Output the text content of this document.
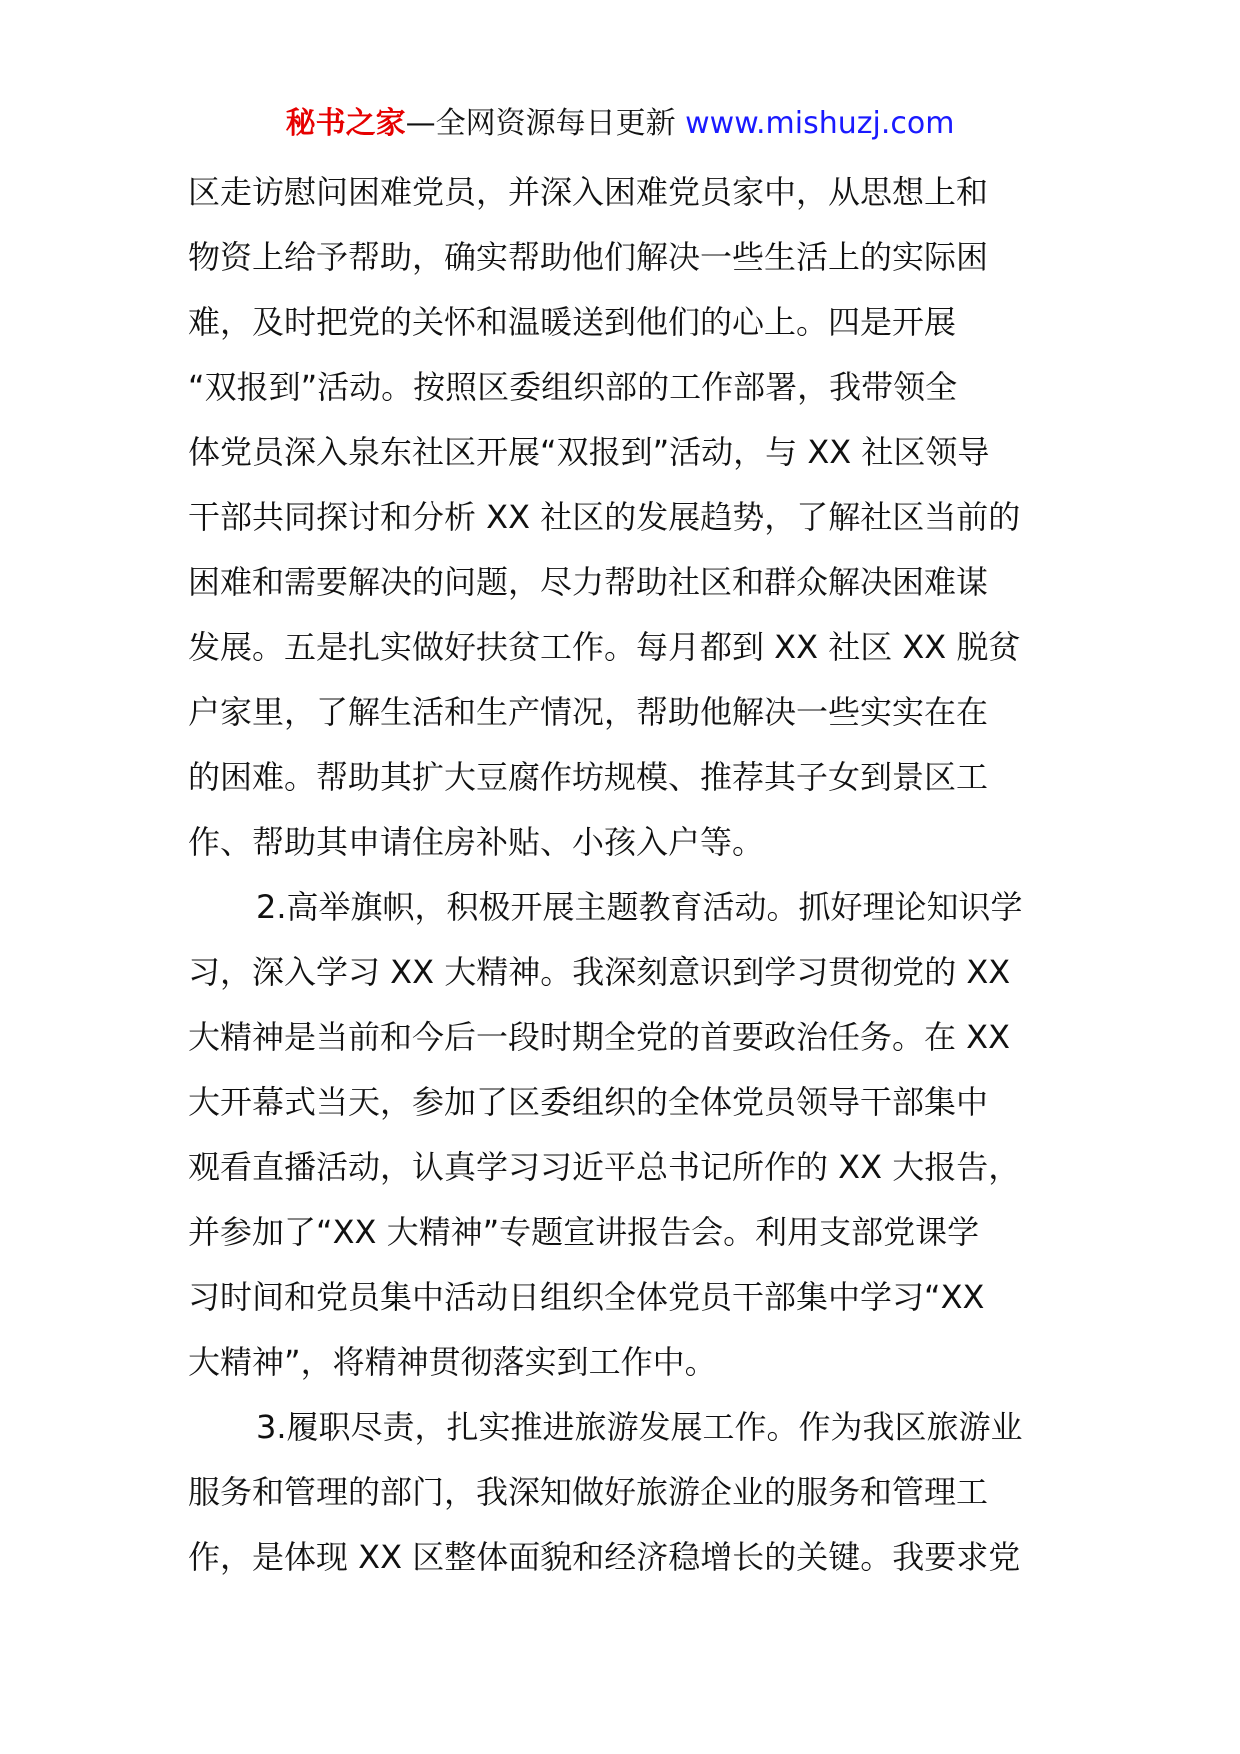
秘书之家—全网资源每日更新 www.mishuzj.com
区走访慰问困难党员，并深入困难党员家中，从思想上和
物资上给予帮助，确实帮助他们解决一些生活上的实际困
难，及时把党的关怀和温暖送到他们的心上。四是开展
“双报到”活动。按照区委组织部的工作部署，我带领全
体党员深入泉东社区开展“双报到”活动，与 XX 社区领导
干部共同探讨和分析 XX 社区的发展趋势，了解社区当前的
困难和需要解决的问题，尽力帮助社区和群众解决困难谋
发展。五是扎实做好扶贫工作。每月都到 XX 社区 XX 脱贫
户家里，了解生活和生产情况，帮助他解决一些实实在在
的困难。帮助其扩大豆腐作坊规模、推荐其子女到景区工
作、帮助其申请住房补贴、小孩入户等。
2.高举旗帜，积极开展主题教育活动。抓好理论知识学
习，深入学习 XX 大精神。我深刻意识到学习贯彻党的 XX
大精神是当前和今后一段时期全党的首要政治任务。在 XX
大开幕式当天，参加了区委组织的全体党员领导干部集中
观看直播活动，认真学习习近平总书记所作的 XX 大报告，
并参加了“XX 大精神”专题宣讲报告会。利用支部党课学
习时间和党员集中活动日组织全体党员干部集中学习“XX
大精神”，将精神贯彻落实到工作中。
3.履职尽责，扎实推进旅游发展工作。作为我区旅游业
服务和管理的部门，我深知做好旅游企业的服务和管理工
作，是体现 XX 区整体面貌和经济稳增长的关键。我要求党
